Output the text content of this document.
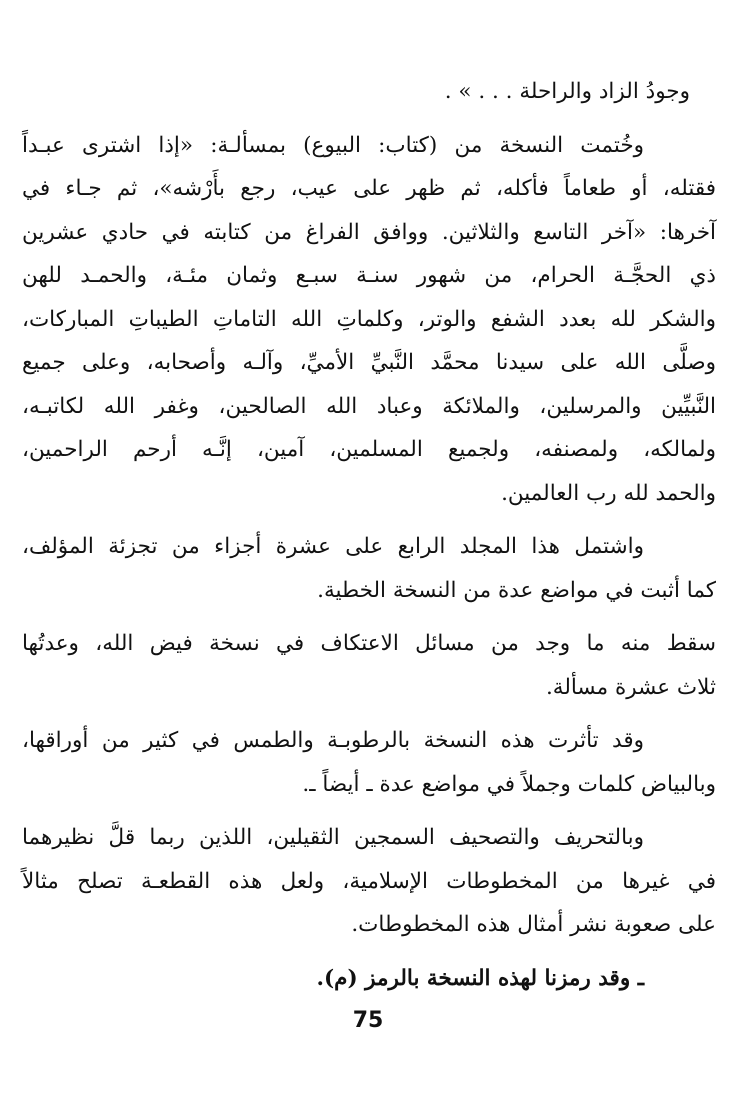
وجودُ الزاد والراحلة . . . » .
وخُتمت النسخة من (كتاب: البيوع) بمسألـة: «إذا اشترى عبـداً
فقتله، أو طعاماً فأكله، ثم ظهر على عيب، رجع بأَرْشه»، ثم جـاء في
آخرها: «آخر التاسع والثلاثين. ووافق الفراغ من كتابته في حادي عشرين
ذي الحجَّـة الحرام، من شهور سنـة سبـع وثمان مئـة، والحمـد للهن
والشكر لله بعدد الشفع والوتر، وكلماتِ الله التاماتِ الطيباتِ المباركات،
وصلَّى الله على سيدنا محمَّد النَّبيِّ الأميِّ، وآلـه وأصحابه، وعلى جميع
النَّبيِّين والمرسلين، والملائكة وعباد الله الصالحين، وغفر الله لكاتبـه،
ولمالكه، ولمصنفه، ولجميع المسلمين، آمين، إنَّـه أرحم الراحمين،
والحمد لله رب العالمين.
واشتمل هذا المجلد الرابع على عشرة أجزاء من تجزئة المؤلف،
كما أثبت في مواضع عدة من النسخة الخطية.
سقط منه ما وجد من مسائل الاعتكاف في نسخة فيض الله، وعدتُها
ثلاث عشرة مسألة.
وقد تأثرت هذه النسخة بالرطوبـة والطمس في كثير من أوراقها،
وبالبياض كلمات وجملاً في مواضع عدة ـ أيضاً ـ.
وبالتحريف والتصحيف السمجين الثقيلين، اللذين ربما قلَّ نظيرهما
في غيرها من المخطوطات الإسلامية، ولعل هذه القطعـة تصلح مثالاً
على صعوبة نشر أمثال هذه المخطوطات.
ـ وقد رمزنا لهذه النسخة بالرمز (م).
75
